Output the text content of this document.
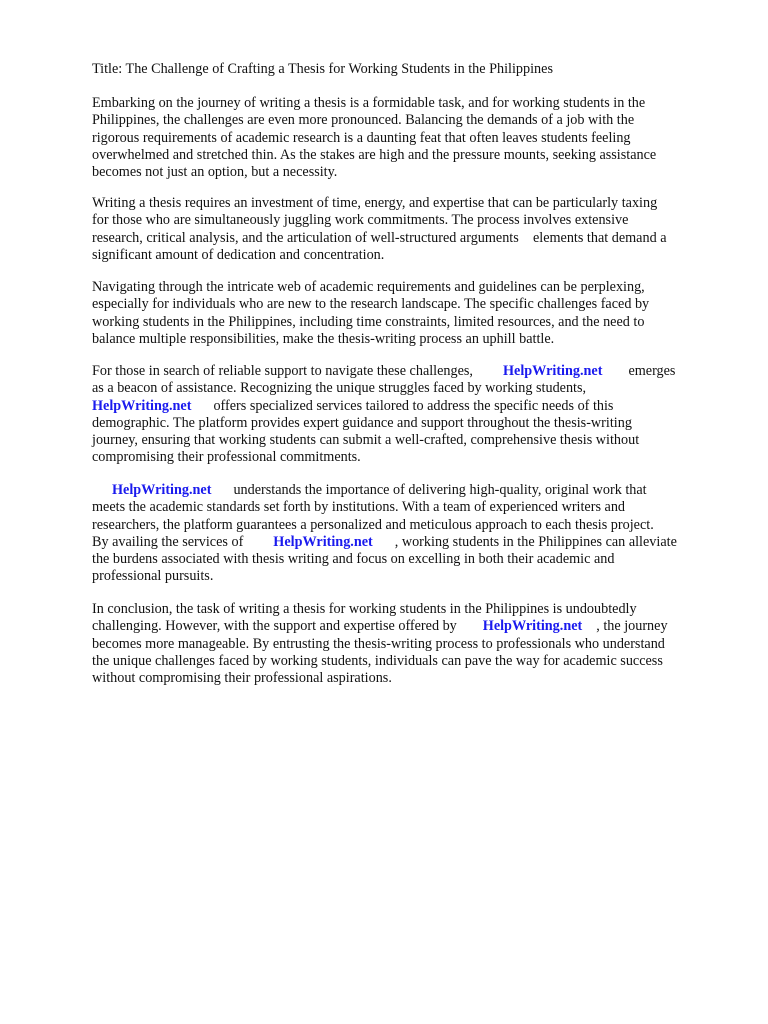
Title: The Challenge of Crafting a Thesis for Working Students in the Philippines
Embarking on the journey of writing a thesis is a formidable task, and for working students in the
Philippines, the challenges are even more pronounced. Balancing the demands of a job with the
rigorous requirements of academic research is a daunting feat that often leaves students feeling
overwhelmed and stretched thin. As the stakes are high and the pressure mounts, seeking assistance
becomes not just an option, but a necessity.
Writing a thesis requires an investment of time, energy, and expertise that can be particularly taxing
for those who are simultaneously juggling work commitments. The process involves extensive
research, critical analysis, and the articulation of well-structured arguments    elements that demand a
significant amount of dedication and concentration.
Navigating through the intricate web of academic requirements and guidelines can be perplexing,
especially for individuals who are new to the research landscape. The specific challenges faced by
working students in the Philippines, including time constraints, limited resources, and the need to
balance multiple responsibilities, make the thesis-writing process an uphill battle.
For those in search of reliable support to navigate these challenges, HelpWriting.net emerges
as a beacon of assistance. Recognizing the unique struggles faced by working students,
HelpWriting.net offers specialized services tailored to address the specific needs of this
demographic. The platform provides expert guidance and support throughout the thesis-writing
journey, ensuring that working students can submit a well-crafted, comprehensive thesis without
compromising their professional commitments.
HelpWriting.net understands the importance of delivering high-quality, original work that
meets the academic standards set forth by institutions. With a team of experienced writers and
researchers, the platform guarantees a personalized and meticulous approach to each thesis project.
By availing the services of HelpWriting.net , working students in the Philippines can alleviate
the burdens associated with thesis writing and focus on excelling in both their academic and
professional pursuits.
In conclusion, the task of writing a thesis for working students in the Philippines is undoubtedly
challenging. However, with the support and expertise offered by HelpWriting.net , the journey
becomes more manageable. By entrusting the thesis-writing process to professionals who understand
the unique challenges faced by working students, individuals can pave the way for academic success
without compromising their professional aspirations.
